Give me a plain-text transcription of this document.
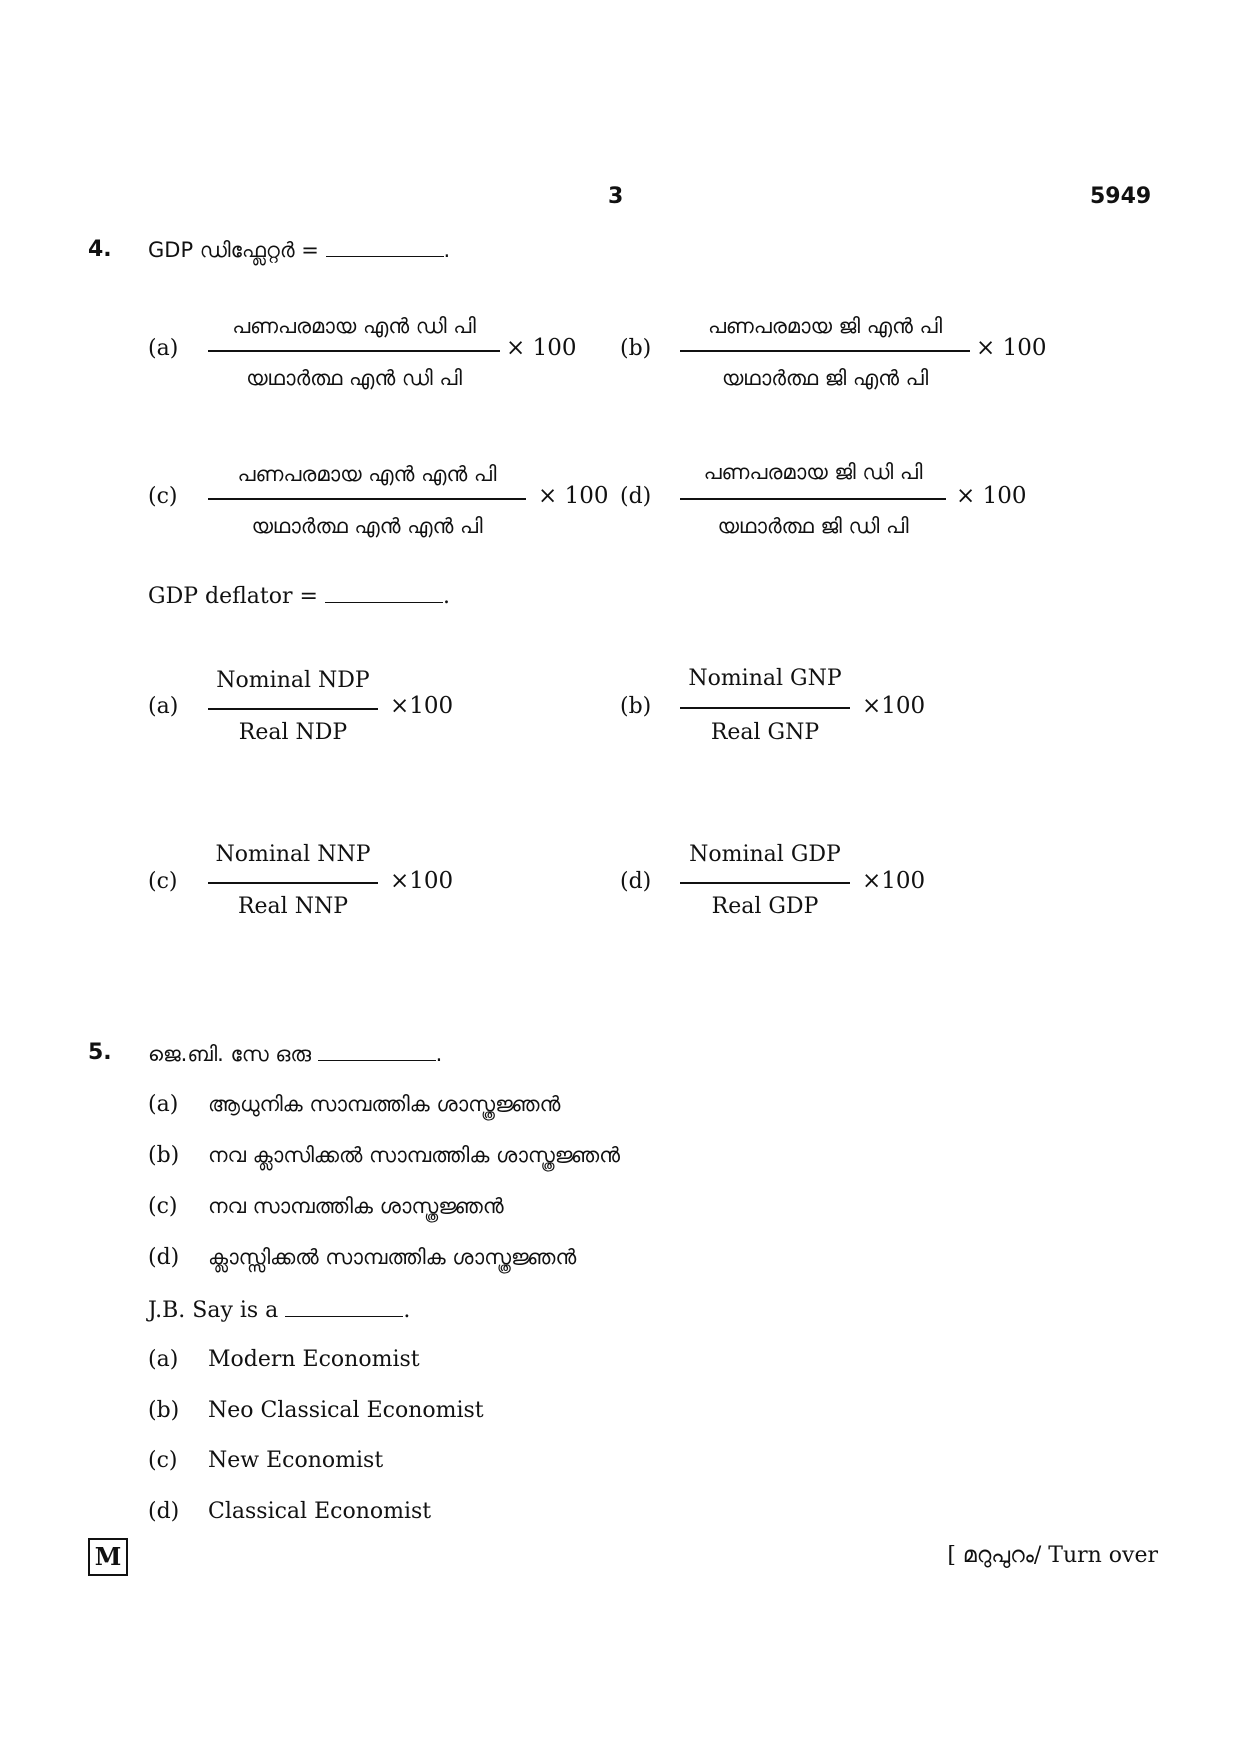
3	5949
4. GDP ഡിഫ്ലേറ്റർ =	.
(a)
പണപരമായ എൻ ഡി പി
യഥാർത്ഥ എൻ ഡി പി
× 100 (b)
പണപരമായ ജി എൻ പി
യഥാർത്ഥ ജി എൻ പി
× 100
(c)
പണപരമായ എൻ എൻ പി
യഥാർത്ഥ എൻ എൻ പി
× 100 (d)
പണപരമായ ജി ഡി പി
യഥാർത്ഥ ജി ഡി പി
× 100
GDP deflator =	.
(a)
Nominal NDP
Real NDP
×100	(b)
Nominal GNP
Real GNP
×100
(c)
Nominal NNP
Real NNP
×100	(d)
Nominal GDP
Real GDP
×100
5. ജെ.ബി. സേ ഒരു	.
(a) ആധുനിക സാമ്പത്തിക ശാസ്ത്രജ്ഞൻ
(b) നവ ക്ലാസിക്കൽ സാമ്പത്തിക ശാസ്ത്രജ്ഞൻ
(c) നവ സാമ്പത്തിക ശാസ്ത്രജ്ഞൻ
(d) ക്ലാസ്സിക്കൽ സാമ്പത്തിക ശാസ്ത്രജ്ഞൻ
J.B. Say is a	.
(a) Modern Economist
(b) Neo Classical Economist
(c) New Economist
(d) Classical Economist
M	[ മറുപുറം/ Turn over
